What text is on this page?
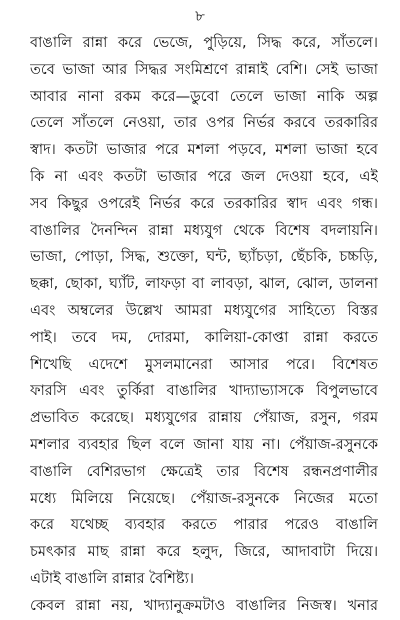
৮
বাঙালি রান্না করে ভেজে, পুড়িয়ে, সিদ্ধ করে, সাঁতলে।
তবে ভাজা আর সিদ্ধর সংমিশ্রণে রান্নাই বেশি। সেই ভাজা
আবার নানা রকম করে—ডুবো তেলে ভাজা নাকি অল্প
তেলে সাঁতলে নেওয়া, তার ওপর নির্ভর করবে তরকারির
স্বাদ। কতটা ভাজার পরে মশলা পড়বে, মশলা ভাজা হবে
কি না এবং কতটা ভাজার পরে জল দেওয়া হবে, এই
সব কিছুর ওপরেই নির্ভর করে তরকারির স্বাদ এবং গন্ধ।
বাঙালির দৈনন্দিন রান্না মধ্যযুগ থেকে বিশেষ বদলায়নি।
ভাজা, পোড়া, সিদ্ধ, শুক্তো, ঘন্ট, ছ্যাঁচড়া, ছেঁচকি, চচ্চড়ি,
ছক্কা, ছোকা, ঘ্যাঁট, লাফড়া বা লাবড়া, ঝাল, ঝোল, ডালনা
এবং অম্বলের উল্লেখ আমরা মধ্যযুগের সাহিত্যে বিস্তর
পাই। তবে দম, দোরমা, কালিয়া-কোপ্তা রান্না করতে
শিখেছি এদেশে মুসলমানেরা আসার পরে। বিশেষত
ফারসি এবং তুর্কিরা বাঙালির খাদ্যাভ্যাসকে বিপুলভাবে
প্রভাবিত করেছে। মধ্যযুগের রান্নায় পেঁয়াজ, রসুন, গরম
মশলার ব্যবহার ছিল বলে জানা যায় না। পেঁয়াজ-রসুনকে
বাঙালি বেশিরভাগ ক্ষেত্রেই তার বিশেষ রন্ধনপ্রণালীর
মধ্যে মিলিয়ে নিয়েছে। পেঁয়াজ-রসুনকে নিজের মতো
করে যথেচ্ছ ব্যবহার করতে পারার পরেও বাঙালি
চমৎকার মাছ রান্না করে হলুদ, জিরে, আদাবাটা দিয়ে।
এটাই বাঙালি রান্নার বৈশিষ্ট্য।
কেবল রান্না নয়, খাদ্যানুক্রমটাও বাঙালির নিজস্ব। খনার
